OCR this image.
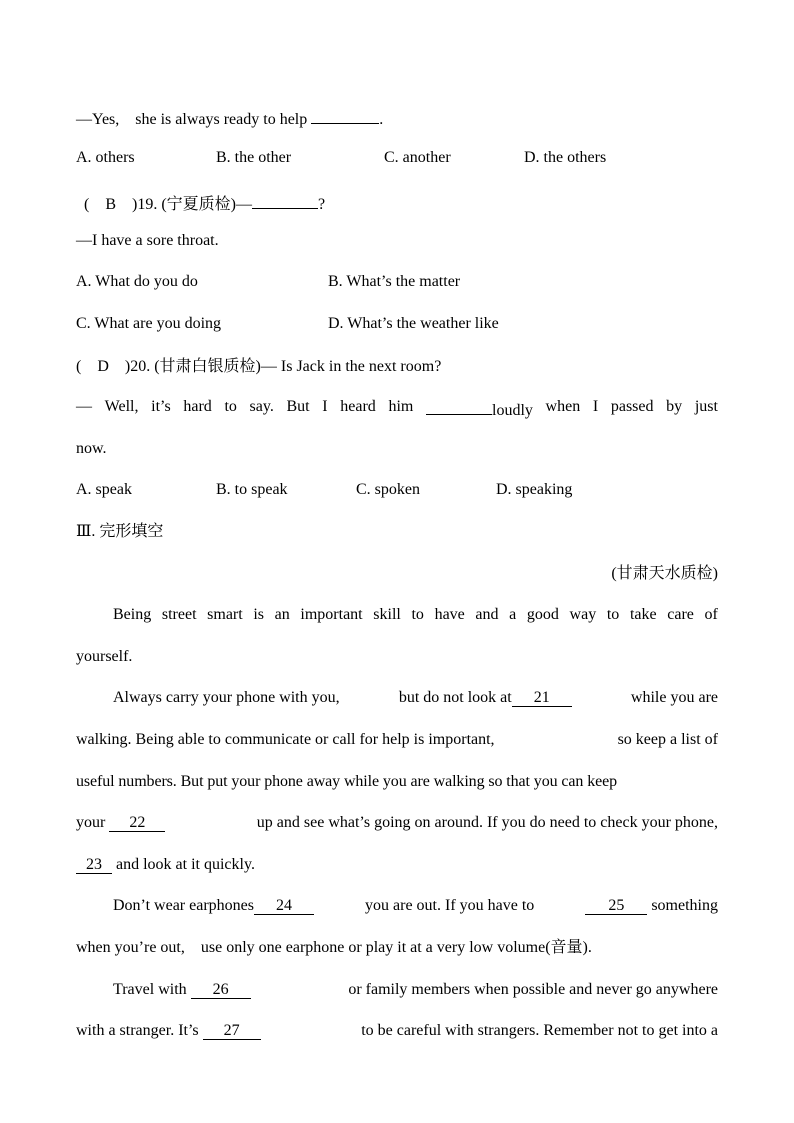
—Yes, she is always ready to help	.
A. others	B. the other	C. another	D. the others
( B )19. (宁夏质检)—	?
—I have a sore throat.
A. What do you do	B. What’s the matter
C. What are you doing	D. What’s the weather like
( D )20. (甘肃白银质检)— Is Jack in the next room?
— Well, it’s hard to say. But I heard him	loudly when I passed by just
now.
A. speak	B. to speak	C. spoken	D. speaking
Ⅲ. 完形填空
(甘肃天水质检)
Being street smart is an important skill to have and a good way to take care of
yourself.
Always carry your phone with you,	but do not look at 21	while you are
walking. Being able to communicate or call for help is important,	so keep a list of
useful numbers. But put your phone away while you are walking so that you can keep
your 22	up and see what’s going on around. If you do need to check your phone,
23 and look at it quickly.
Don’t wear earphones 24	you are out. If you have to	25 something
when you’re out, use only one earphone or play it at a very low volume(音量).
Travel with 26	or family members when possible and never go anywhere
with a stranger. It’s 27	to be careful with strangers. Remember not to get into a
